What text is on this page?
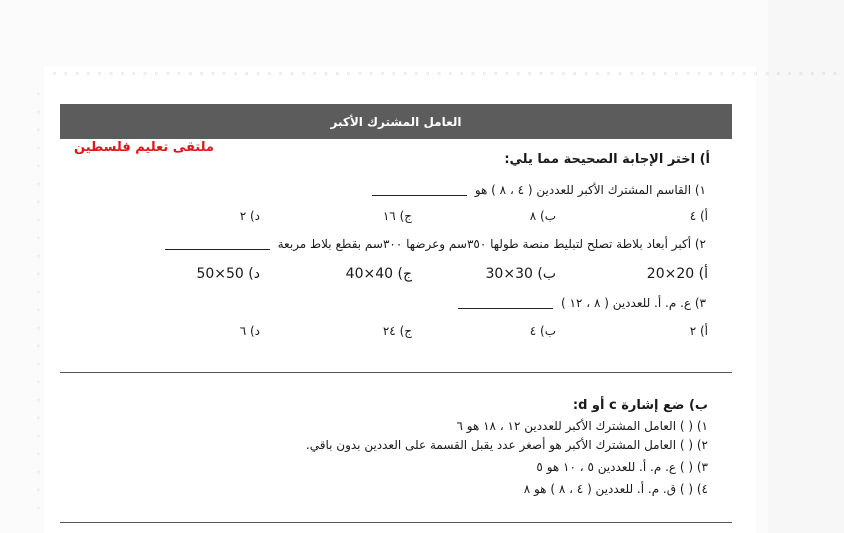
◦◦◦◦◦◦◦◦◦◦◦◦◦◦◦◦◦◦◦◦◦◦◦◦◦◦◦◦◦◦◦◦◦◦◦◦◦◦◦◦◦◦◦◦◦◦◦◦◦◦◦◦◦◦◦◦◦◦◦◦◦◦◦◦◦◦◦◦◦◦
◦
◦
◦
◦
◦
◦
◦
◦
◦
◦
◦
◦
◦
◦
◦
◦
◦
◦
◦
◦
◦
◦
◦
◦
العامل المشترك الأكبر
ملتقى تعليم فلسطين
أ) اختر الإجابة الصحيحة مما يلي:
١) القاسم المشترك الأكبر للعددين ( ٤ ، ٨ ) هو
أ) ٤
ب) ٨
ج) ١٦
د) ٢
٢) أكبر أبعاد بلاطة تصلح لتبليط منصة طولها ٣٥٠سم وعرضها ٣٠٠سم بقطع بلاط مربعة
أ) 20×20
ب) 30×30
ج) 40×40
د) 50×50
٣) ع. م. أ. للعددين ( ٨ ، ١٢ )
أ) ٢
ب) ٤
ج) ٢٤
د) ٦
ب) ضع إشارة c أو d:
١) ( ) العامل المشترك الأكبر للعددين ١٢ ، ١٨ هو ٦
٢) ( ) العامل المشترك الأكبر هو أصغر عدد يقبل القسمة على العددين بدون باقي.
٣) ( ) ع. م. أ. للعددين ٥ ، ١٠ هو ٥
٤) ( ) ق. م. أ. للعددين ( ٤ ، ٨ ) هو ٨
